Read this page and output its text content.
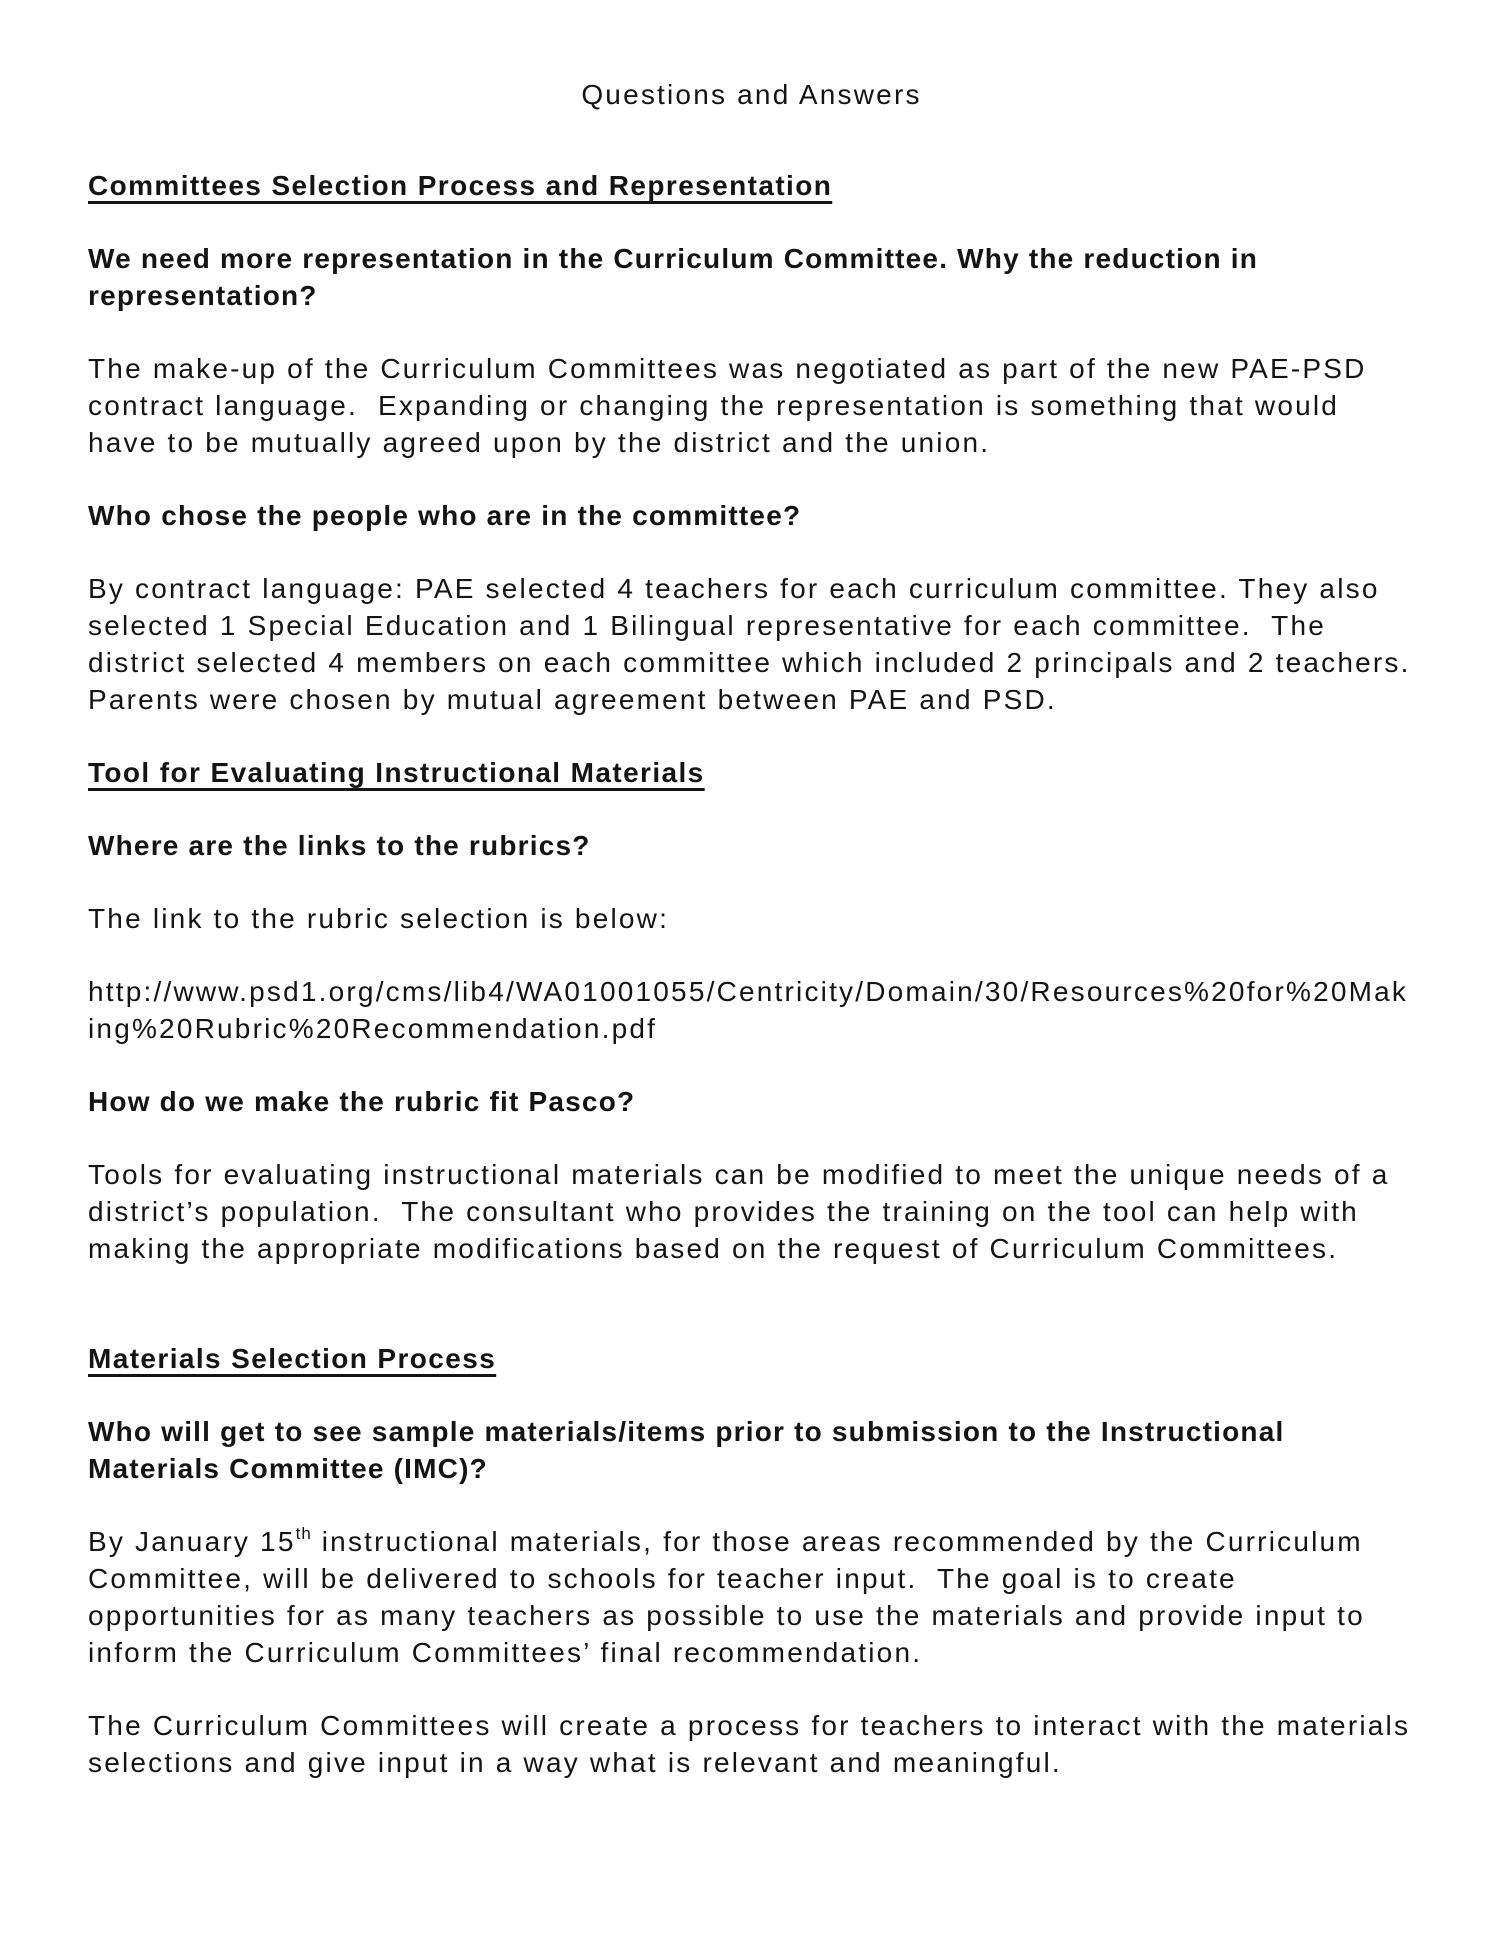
Questions and Answers
Committees Selection Process and Representation
We need more representation in the Curriculum Committee. Why the reduction in representation?
The make-up of the Curriculum Committees was negotiated as part of the new PAE-PSD contract language.  Expanding or changing the representation is something that would have to be mutually agreed upon by the district and the union.
Who chose the people who are in the committee?
By contract language: PAE selected 4 teachers for each curriculum committee. They also selected 1 Special Education and 1 Bilingual representative for each committee.  The district selected 4 members on each committee which included 2 principals and 2 teachers.  Parents were chosen by mutual agreement between PAE and PSD.
Tool for Evaluating Instructional Materials
Where are the links to the rubrics?
The link to the rubric selection is below:
http://www.psd1.org/cms/lib4/WA01001055/Centricity/Domain/30/Resources%20for%20Making%20Rubric%20Recommendation.pdf
How do we make the rubric fit Pasco?
Tools for evaluating instructional materials can be modified to meet the unique needs of a district’s population.  The consultant who provides the training on the tool can help with making the appropriate modifications based on the request of Curriculum Committees.
Materials Selection Process
Who will get to see sample materials/items prior to submission to the Instructional Materials Committee (IMC)?
By January 15th instructional materials, for those areas recommended by the Curriculum Committee, will be delivered to schools for teacher input.  The goal is to create opportunities for as many teachers as possible to use the materials and provide input to inform the Curriculum Committees’ final recommendation.
The Curriculum Committees will create a process for teachers to interact with the materials selections and give input in a way what is relevant and meaningful.
